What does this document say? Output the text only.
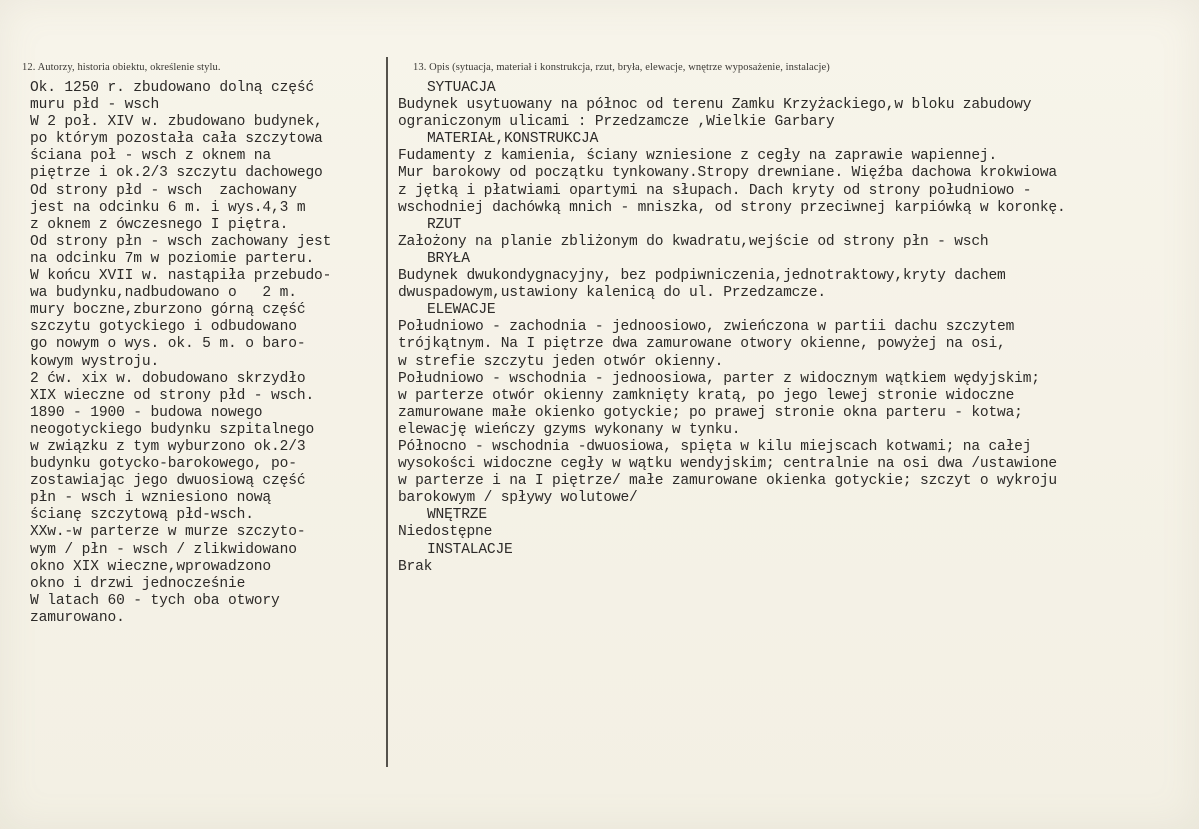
12. Autorzy, historia obiektu, określenie stylu.	13. Opis (sytuacja, materiał i konstrukcja, rzut, bryła, elewacje, wnętrze wyposażenie, instalacje)
Ok. 1250 r. zbudowano dolną część
muru płd - wsch
W 2 poł. XIV w. zbudowano budynek,
po którym pozostała cała szczytowa
ściana poł - wsch z oknem na
piętrze i ok.2/3 szczytu dachowego
Od strony płd - wsch  zachowany
jest na odcinku 6 m. i wys.4,3 m
z oknem z ówczesnego I piętra.
Od strony płn - wsch zachowany jest
na odcinku 7m w poziomie parteru.
W końcu XVII w. nastąpiła przebudo-
wa budynku,nadbudowano o   2 m.
mury boczne,zburzono górną część
szczytu gotyckiego i odbudowano
go nowym o wys. ok. 5 m. o baro-
kowym wystroju.
2 ćw. xix w. dobudowano skrzydło
XIX wieczne od strony płd - wsch.
1890 - 1900 - budowa nowego
neogotyckiego budynku szpitalnego
w związku z tym wyburzono ok.2/3
budynku gotycko-barokowego, po-
zostawiając jego dwuosiową część
płn - wsch i wzniesiono nową
ścianę szczytową płd-wsch.
XXw.-w parterze w murze szczyto-
wym / płn - wsch / zlikwidowano
okno XIX wieczne,wprowadzono
okno i drzwi jednocześnie
W latach 60 - tych oba otwory
zamurowano.
SYTUACJA
Budynek usytuowany na północ od terenu Zamku Krzyżackiego,w bloku zabudowy
ograniczonym ulicami : Przedzamcze ,Wielkie Garbary
MATERIAŁ,KONSTRUKCJA
Fudamenty z kamienia, ściany wzniesione z cegły na zaprawie wapiennej.
Mur barokowy od początku tynkowany.Stropy drewniane. Więźba dachowa krokwiowa
z jętką i płatwiami opartymi na słupach. Dach kryty od strony południowo -
wschodniej dachówką mnich - mniszka, od strony przeciwnej karpiówką w koronkę.
RZUT
Założony na planie zbliżonym do kwadratu,wejście od strony płn - wsch
BRYŁA
Budynek dwukondygnacyjny, bez podpiwniczenia,jednotraktowy,kryty dachem
dwuspadowym,ustawiony kalenicą do ul. Przedzamcze.
ELEWACJE
Południowo - zachodnia - jednoosiowo, zwieńczona w partii dachu szczytem
trójkątnym. Na I piętrze dwa zamurowane otwory okienne, powyżej na osi,
w strefie szczytu jeden otwór okienny.
Południowo - wschodnia - jednoosiowa, parter z widocznym wątkiem wędyjskim;
w parterze otwór okienny zamknięty kratą, po jego lewej stronie widoczne
zamurowane małe okienko gotyckie; po prawej stronie okna parteru - kotwa;
elewację wieńczy gzyms wykonany w tynku.
Północno - wschodnia -dwuosiowa, spięta w kilu miejscach kotwami; na całej
wysokości widoczne cegły w wątku wendyjskim; centralnie na osi dwa /ustawione
w parterze i na I piętrze/ małe zamurowane okienka gotyckie; szczyt o wykroju
barokowym / spływy wolutowe/
WNĘTRZE
Niedostępne
INSTALACJE
Brak
